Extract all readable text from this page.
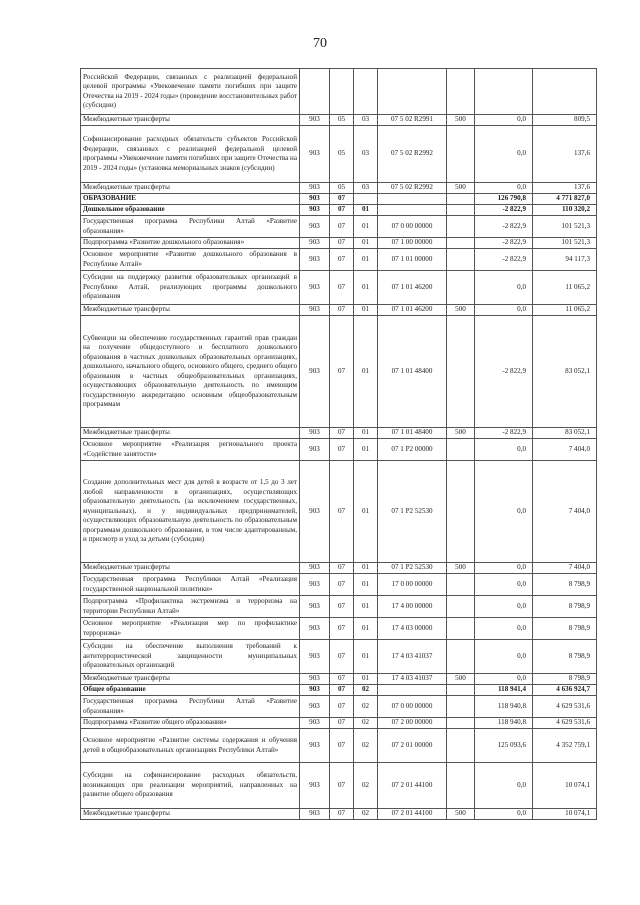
70
Российской Федерации, связанных с реализацией федеральной целевой программы «Увековечение памяти погибших при защите Отечества на 2019 - 2024 годы» (проведение восстановительных работ (субсидии)							
Межбюджетные трансферты	903	05	03	07 5 02 R2991	500	0,0	809,5
Софинансирование расходных обязательств субъектов Российской Федерации, связанных с реализацией федеральной целевой программы «Увековечение памяти погибших при защите Отечества на 2019 - 2024 годы» (установка мемориальных знаков (субсидии)	903	05	03	07 5 02 R2992		0,0	137,6
Межбюджетные трансферты	903	05	03	07 5 02 R2992	500	0,0	137,6
ОБРАЗОВАНИЕ	903	07				126 790,8	4 771 827,0
Дошкольное образование	903	07	01			-2 822,9	110 320,2
Государственная программа Республики Алтай «Развитие образования»	903	07	01	07 0 00 00000		-2 822,9	101 521,3
Подпрограмма «Развитие дошкольного образования»	903	07	01	07 1 00 00000		-2 822,9	101 521,3
Основное мероприятие «Развитие дошкольного образования в Республике Алтай»	903	07	01	07 1 01 00000		-2 822,9	94 117,3
Субсидии на поддержку развития образовательных организаций в Республике Алтай, реализующих программы дошкольного образования	903	07	01	07 1 01 46200		0,0	11 065,2
Межбюджетные трансферты	903	07	01	07 1 01 46200	500	0,0	11 065,2
Субвенции на обеспечение государственных гарантий прав граждан на получение общедоступного и бесплатного дошкольного образования в частных дошкольных образовательных организациях, дошкольного, начального общего, основного общего, среднего общего образования в частных общеобразовательных организациях, осуществляющих образовательную деятельность по имеющим государственную аккредитацию основным общеобразовательным программам	903	07	01	07 1 01 48400		-2 822,9	83 052,1
Межбюджетные трансферты	903	07	01	07 1 01 48400	500	-2 822,9	83 052,1
Основное мероприятие «Реализация регионального проекта «Содействие занятости»	903	07	01	07 1 P2 00000		0,0	7 404,0
Создание дополнительных мест для детей в возрасте от 1,5 до 3 лет любой направленности в организациях, осуществляющих образовательную деятельность (за исключением государственных, муниципальных), и у индивидуальных предпринимателей, осуществляющих образовательную деятельность по образовательным программам дошкольного образования, в том числе адаптированным, и присмотр и уход за детьми (субсидии)	903	07	01	07 1 P2 52530		0,0	7 404,0
Межбюджетные трансферты	903	07	01	07 1 P2 52530	500	0,0	7 404,0
Государственная программа Республики Алтай «Реализация государственной национальной политики»	903	07	01	17 0 00 00000		0,0	8 798,9
Подпрограмма «Профилактика экстремизма и терроризма на территории Республики Алтай»	903	07	01	17 4 00 00000		0,0	8 798,9
Основное мероприятие «Реализация мер по профилактике терроризма»	903	07	01	17 4 03 00000		0,0	8 798,9
Субсидии на обеспечение выполнения требований к антитеррористической защищенности муниципальных образовательных организаций	903	07	01	17 4 03 41037		0,0	8 798,9
Межбюджетные трансферты	903	07	01	17 4 03 41037	500	0,0	8 798,9
Общее образование	903	07	02			118 941,4	4 636 924,7
Государственная программа Республики Алтай «Развитие образования»	903	07	02	07 0 00 00000		118 940,8	4 629 531,6
Подпрограмма «Развитие общего образования»	903	07	02	07 2 00 00000		118 940,8	4 629 531,6
Основное мероприятие «Развитие системы содержания и обучения детей в общеобразовательных организациях Республики Алтай»	903	07	02	07 2 01 00000		125 093,6	4 352 759,1
Субсидии на софинансирование расходных обязательств, возникающих при реализации мероприятий, направленных на развитие общего образования	903	07	02	07 2 01 44100		0,0	10 074,1
Межбюджетные трансферты	903	07	02	07 2 01 44100	500	0,0	10 074,1
